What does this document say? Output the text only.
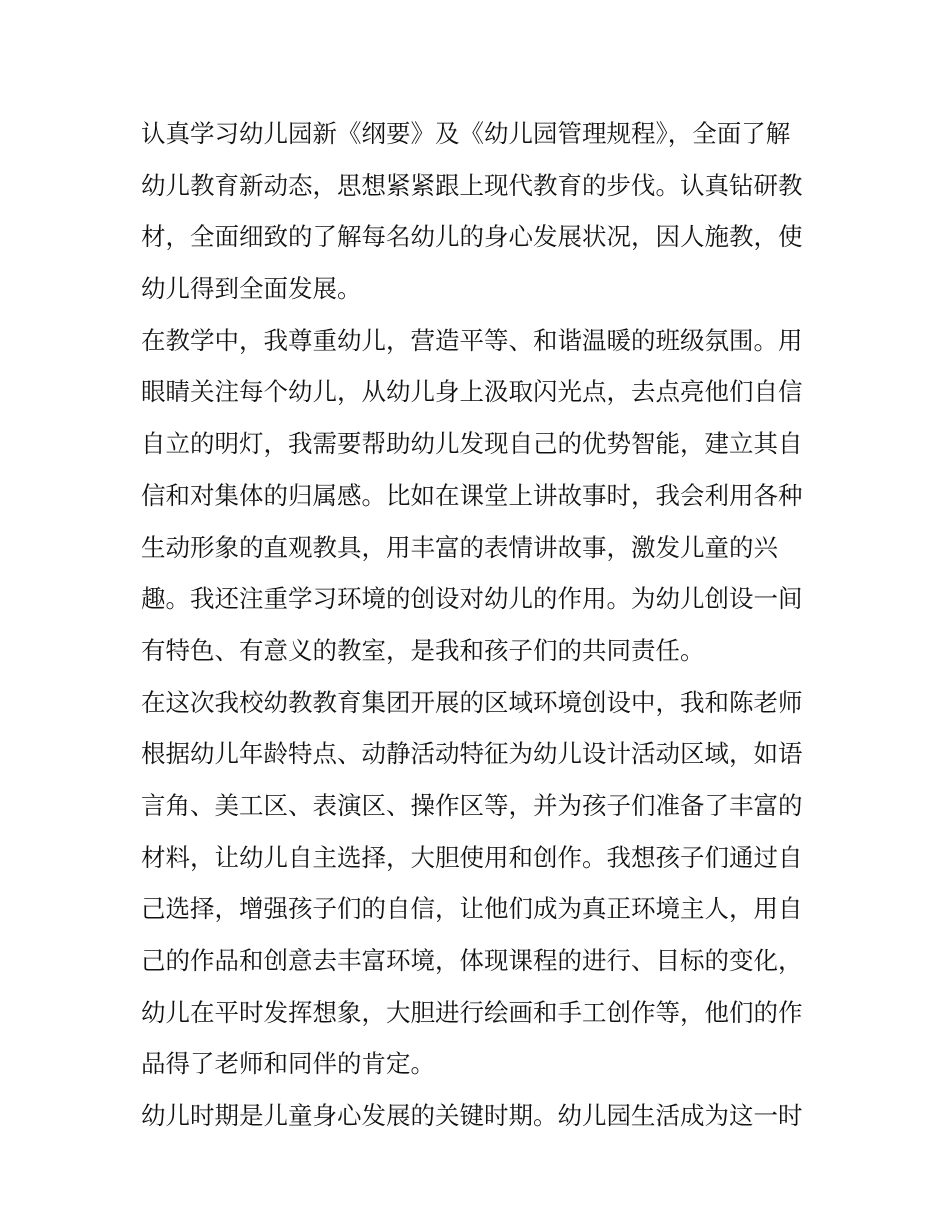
认真学习幼儿园新《纲要》及《幼儿园管理规程》，全面了解
幼儿教育新动态，思想紧紧跟上现代教育的步伐。认真钻研教
材，全面细致的了解每名幼儿的身心发展状况，因人施教，使
幼儿得到全面发展。
在教学中，我尊重幼儿，营造平等、和谐温暖的班级氛围。用
眼睛关注每个幼儿，从幼儿身上汲取闪光点，去点亮他们自信
自立的明灯，我需要帮助幼儿发现自己的优势智能，建立其自
信和对集体的归属感。比如在课堂上讲故事时，我会利用各种
生动形象的直观教具，用丰富的表情讲故事，激发儿童的兴
趣。我还注重学习环境的创设对幼儿的作用。为幼儿创设一间
有特色、有意义的教室，是我和孩子们的共同责任。
在这次我校幼教教育集团开展的区域环境创设中，我和陈老师
根据幼儿年龄特点、动静活动特征为幼儿设计活动区域，如语
言角、美工区、表演区、操作区等，并为孩子们准备了丰富的
材料，让幼儿自主选择，大胆使用和创作。我想孩子们通过自
己选择，增强孩子们的自信，让他们成为真正环境主人，用自
己的作品和创意去丰富环境，体现课程的进行、目标的变化，
幼儿在平时发挥想象，大胆进行绘画和手工创作等，他们的作
品得了老师和同伴的肯定。
幼儿时期是儿童身心发展的关键时期。幼儿园生活成为这一时
